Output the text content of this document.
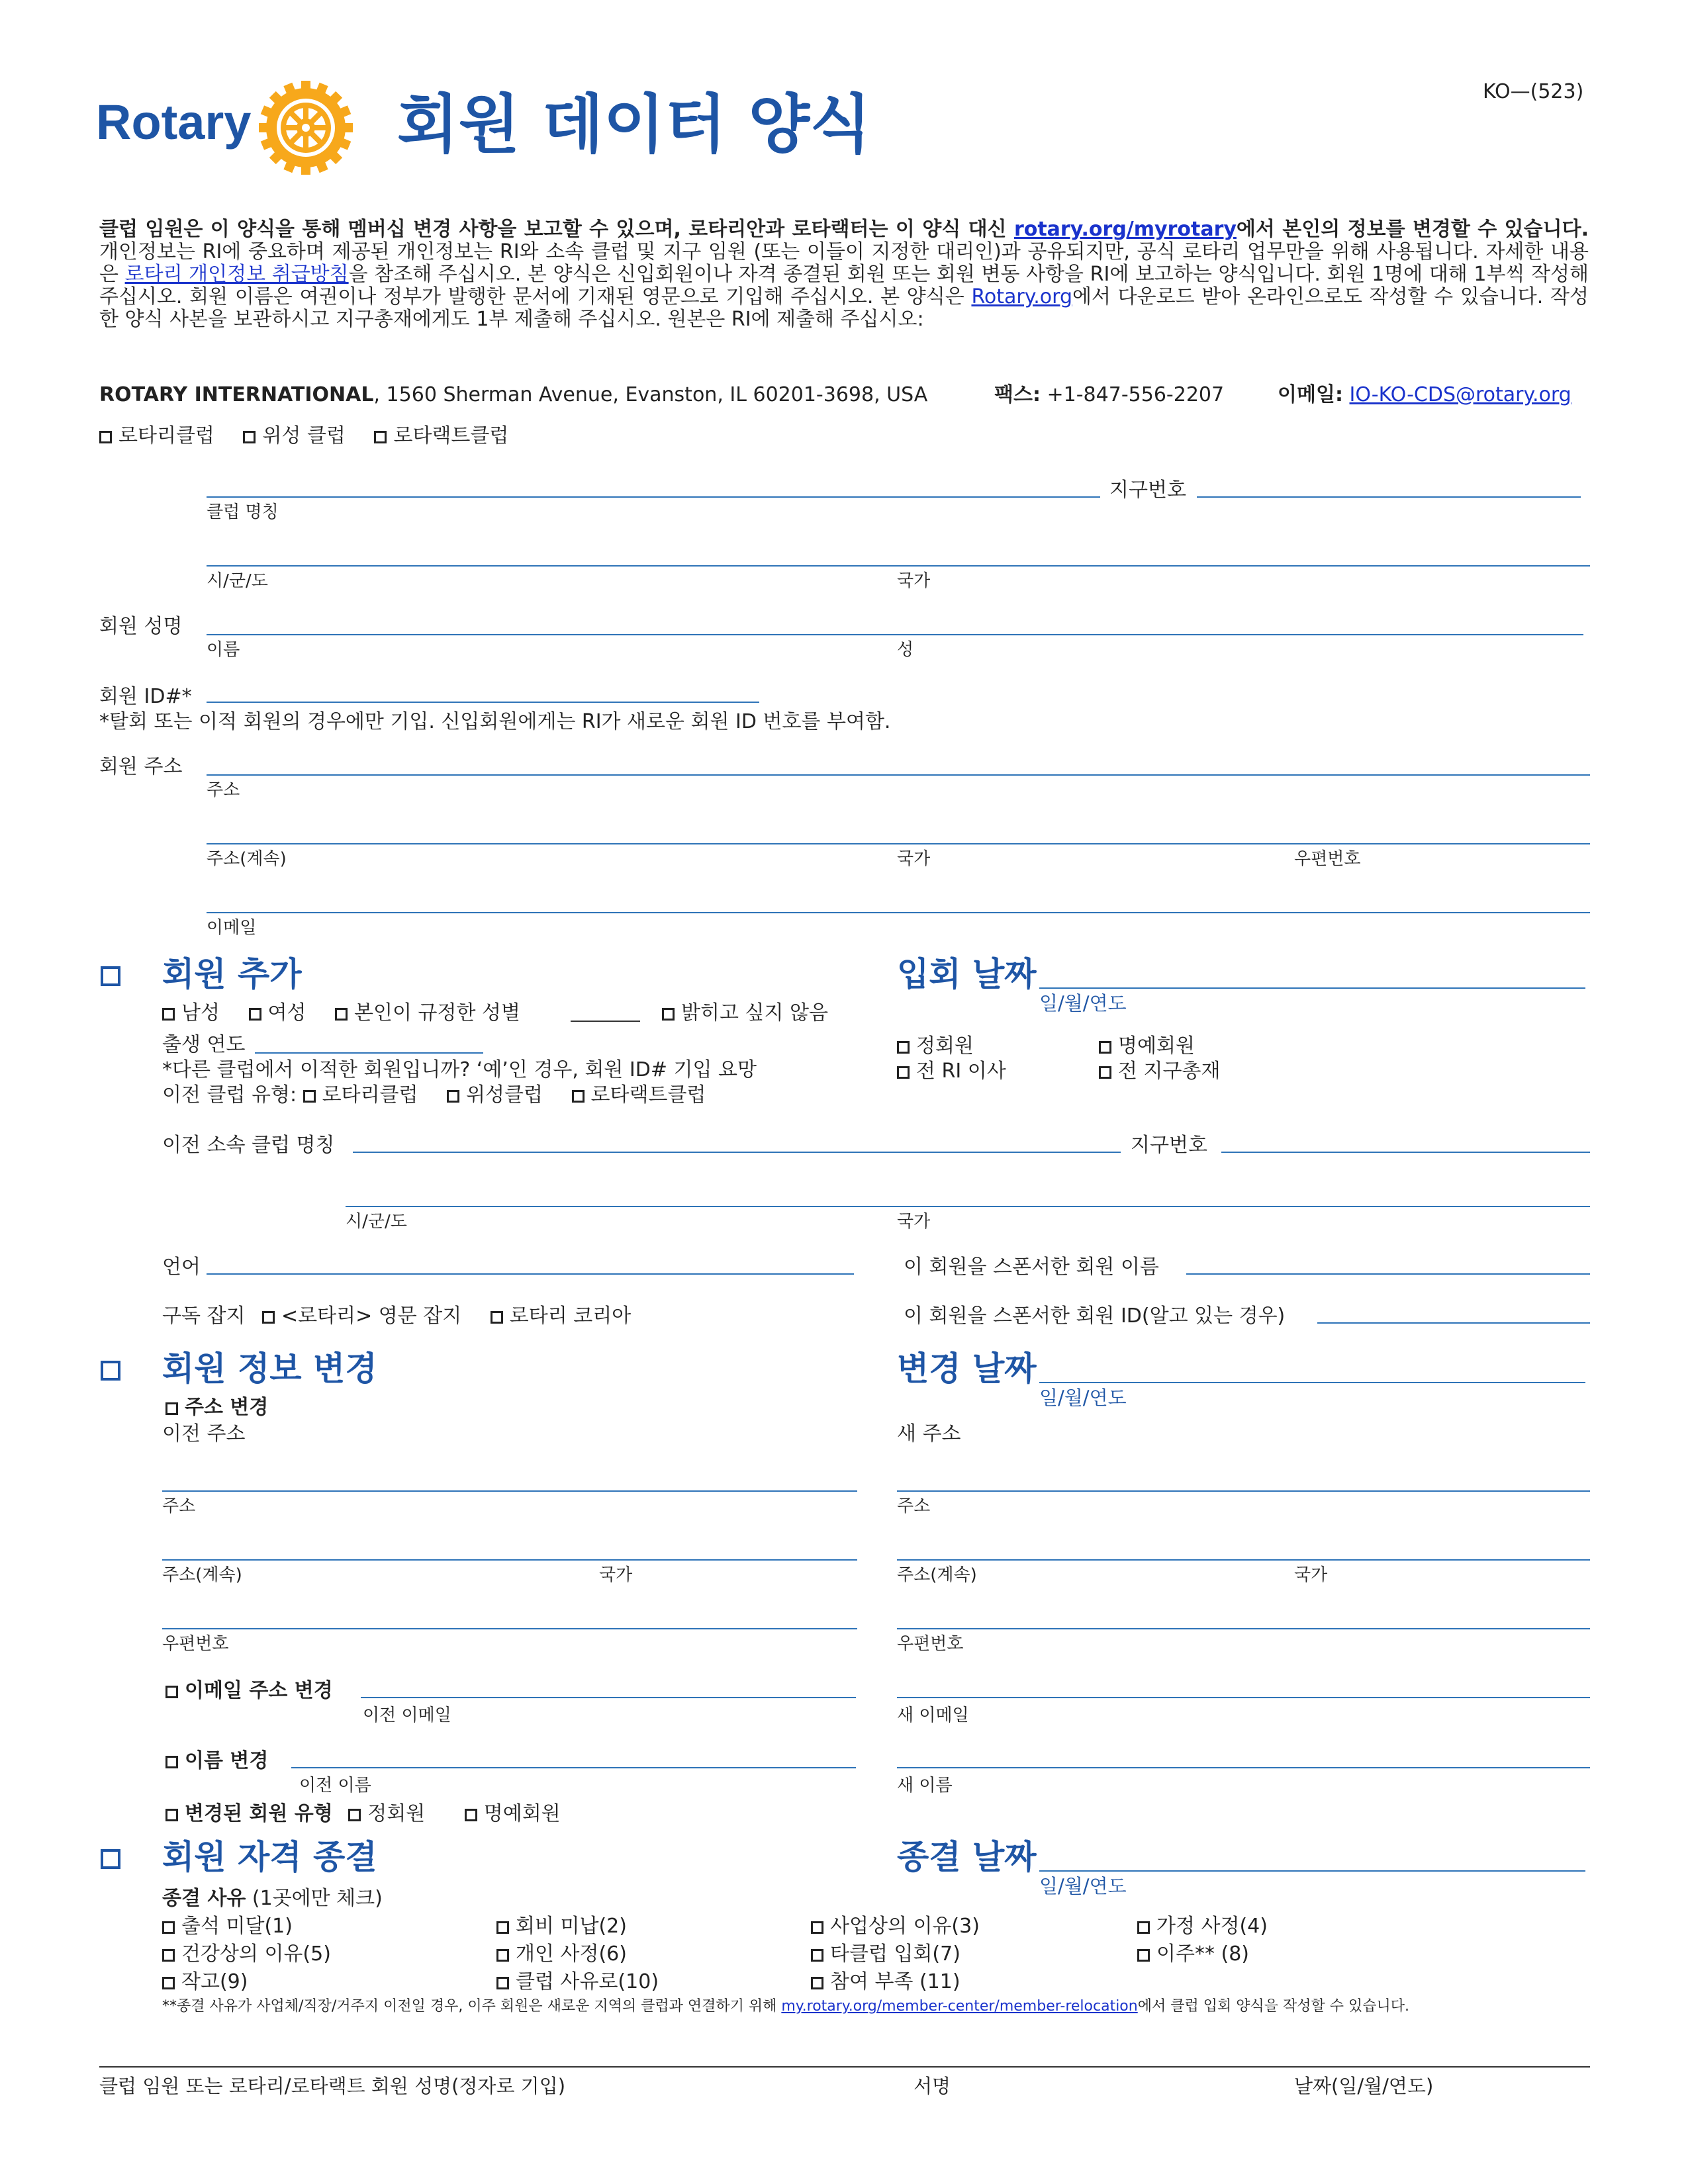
Rotary 회원 데이터 양식	KO—(523)
클럽 임원은 이 양식을 통해 멤버십 변경 사항을 보고할 수 있으며, 로타리안과 로타랙터는 이 양식 대신 rotary.org/myrotary에서 본인의 정보를 변경할 수 있습니다. 개인정보는 RI에 중요하며 제공된 개인정보는 RI와 소속 클럽 및 지구 임원 (또는 이들이 지정한 대리인)과 공유되지만, 공식 로타리 업무만을 위해 사용됩니다. 자세한 내용은 로타리 개인정보 취급방침을 참조해 주십시오. 본 양식은 신입회원이나 자격 종결된 회원 또는 회원 변동 사항을 RI에 보고하는 양식입니다. 회원 1명에 대해 1부씩 작성해 주십시오. 회원 이름은 여권이나 정부가 발행한 문서에 기재된 영문으로 기입해 주십시오. 본 양식은 Rotary.org에서 다운로드 받아 온라인으로도 작성할 수 있습니다. 작성한 양식 사본을 보관하시고 지구총재에게도 1부 제출해 주십시오. 원본은 RI에 제출해 주십시오:
ROTARY INTERNATIONAL, 1560 Sherman Avenue, Evanston, IL 60201-3698, USA	팩스: +1-847-556-2207	이메일: IO-KO-CDS@rotary.org
로타리클럽 위성 클럽 로타랙트클럽
지구번호
클럽 명칭
시/군/도	국가
회원 성명
이름	성
회원 ID#*
*탈회 또는 이적 회원의 경우에만 기입. 신입회원에게는 RI가 새로운 회원 ID 번호를 부여함.
회원 주소
주소
주소(계속)	국가	우편번호
이메일
회원 추가
남성 여성 본인이 규정한 성별	밝히고 싶지 않음
출생 연도
*다른 클럽에서 이적한 회원입니까? ‘예’인 경우, 회원 ID# 기입 요망
이전 클럽 유형: 로타리클럽 위성클럽 로타랙트클럽
이전 소속 클럽 명칭	지구번호
시/군/도	국가
언어
구독 잡지 <로타리> 영문 잡지 로타리 코리아
입회 날짜
일/월/연도
정회원	명예회원
전 RI 이사	전 지구총재
이 회원을 스폰서한 회원 이름
이 회원을 스폰서한 회원 ID(알고 있는 경우)
회원 정보 변경	변경 날짜
일/월/연도
주소 변경
이전 주소	새 주소
주소	주소
주소(계속)	국가	주소(계속)	국가
우편번호	우편번호
이메일 주소 변경
이전 이메일	새 이메일
이름 변경
이전 이름	새 이름
변경된 회원 유형 정회원	명예회원
회원 자격 종결	종결 날짜
일/월/연도
종결 사유 (1곳에만 체크)
출석 미달(1)	회비 미납(2)	사업상의 이유(3)	가정 사정(4)
건강상의 이유(5)	개인 사정(6)	타클럽 입회(7)	이주** (8)
작고(9)	클럽 사유로(10)	참여 부족 (11)
**종결 사유가 사업체/직장/거주지 이전일 경우, 이주 회원은 새로운 지역의 클럽과 연결하기 위해 my.rotary.org/member-center/member-relocation에서 클럽 입회 양식을 작성할 수 있습니다.
클럽 임원 또는 로타리/로타랙트 회원 성명(정자로 기입)	서명	날짜(일/월/연도)
